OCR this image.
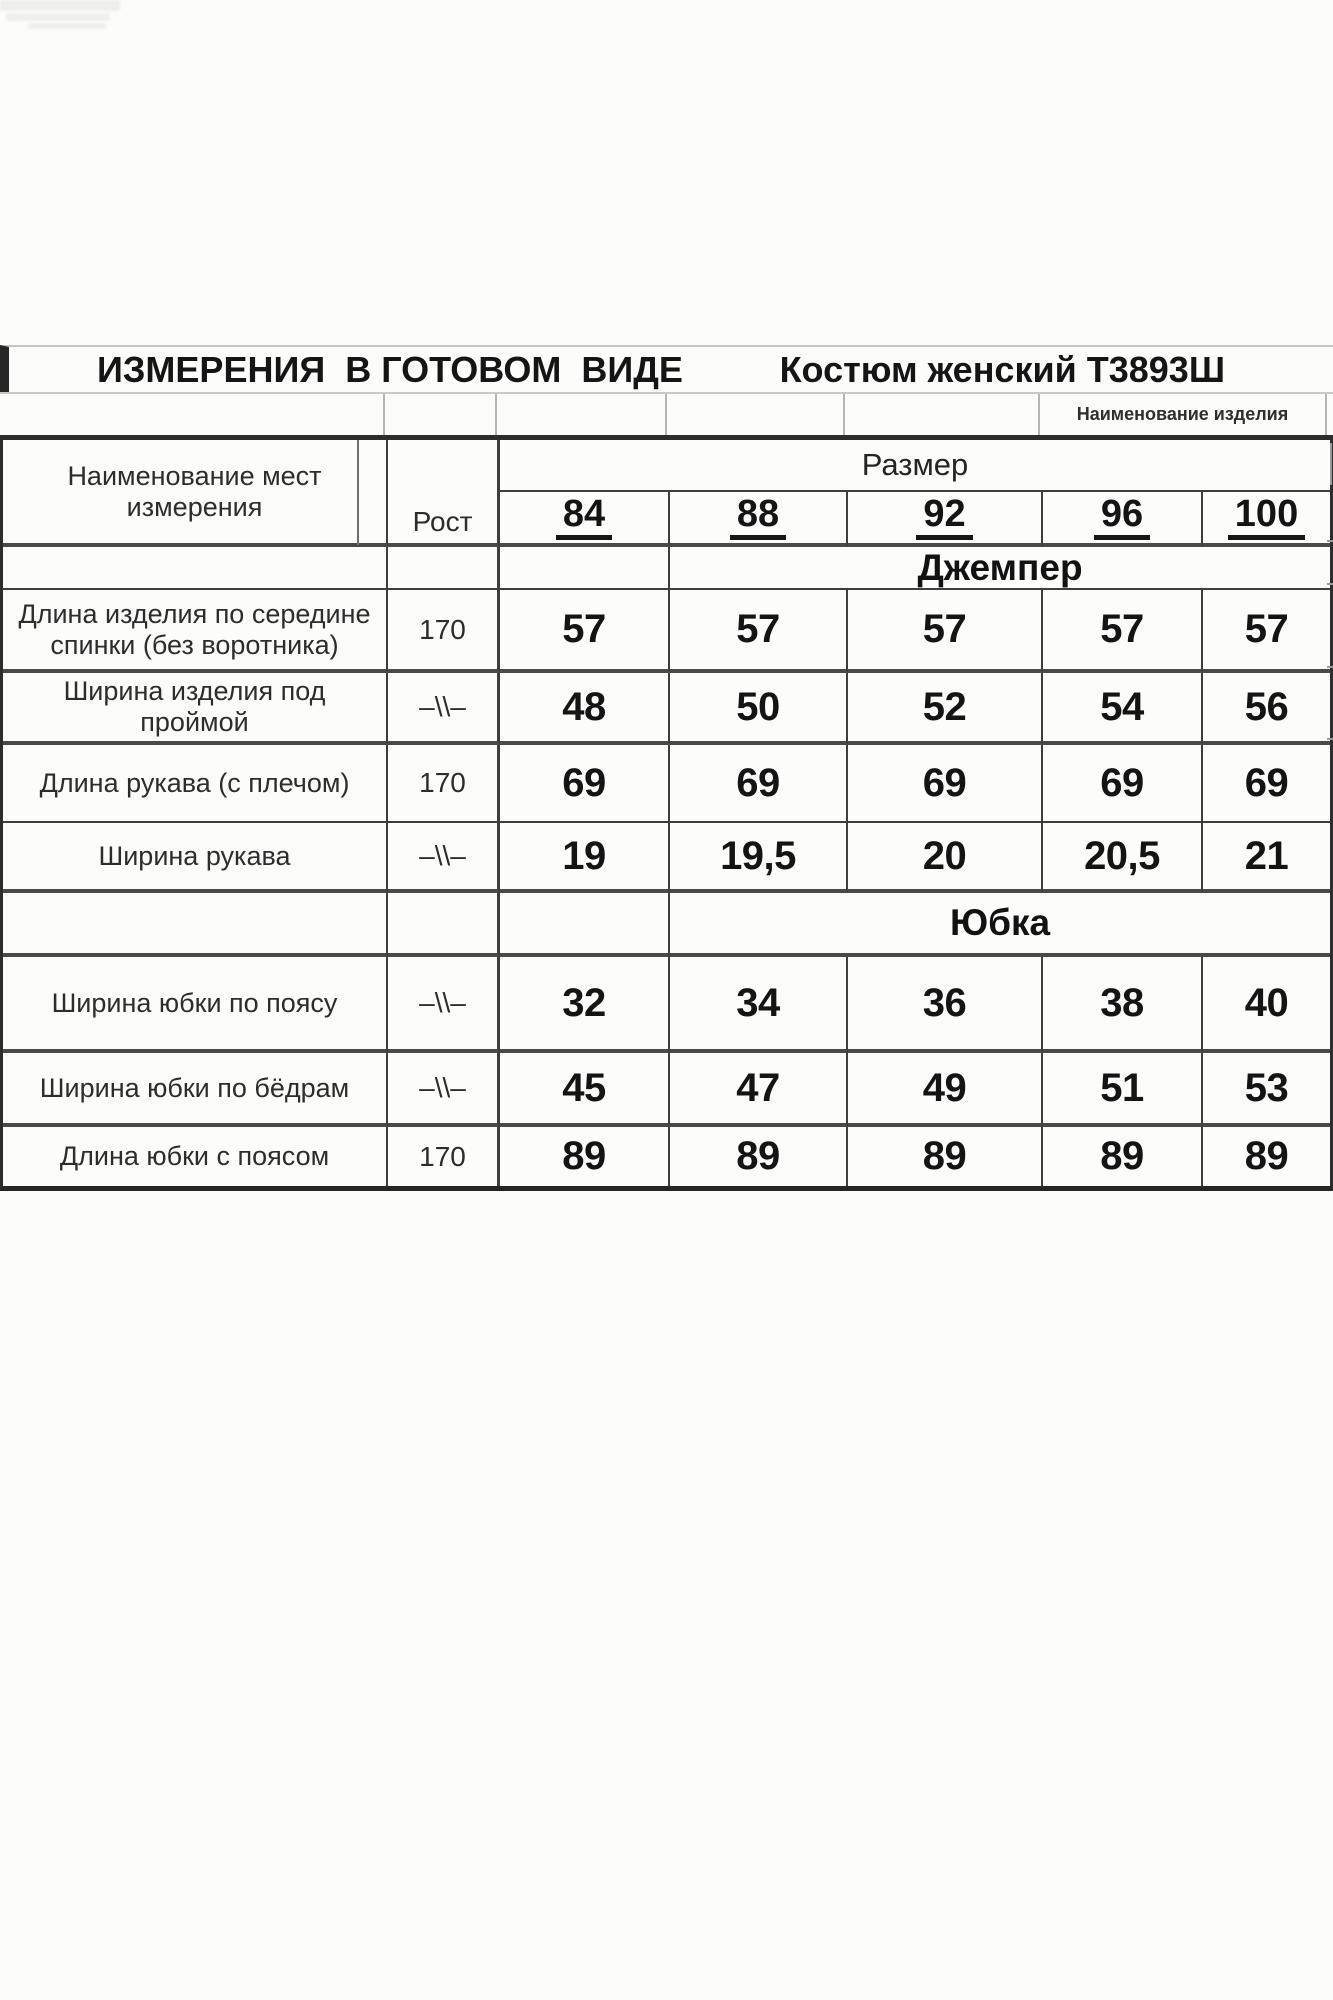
ИЗМЕРЕНИЯ  В ГОТОВОМ  ВИДЕ	Костюм женский Т3893Ш
Наименование изделия
Наименование мест измерения	Рост
Размер
84	88	92	96 100
Джемпер
Длина изделия по середине спинки (без воротника)	170	57	57	57	57	57
Ширина изделия под проймой	–\\–	48	50	52	54	56
Длина рукава (с плечом)	170	69	69	69	69	69
Ширина рукава	–\\–	19	19,5	20	20,5	21
Юбка
Ширина юбки по поясу	–\\–	32	34	36	38	40
Ширина юбки по бёдрам	–\\–	45	47	49	51	53
Длина юбки с поясом	170	89	89	89	89	89
